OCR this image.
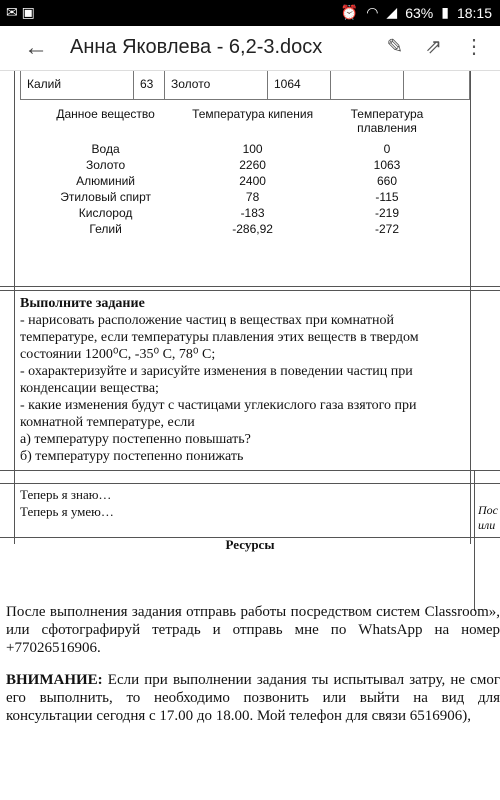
✉ ▣	⏰ ◠ ◢ 63% ▮ 18:15
← Анна Яковлева - 6,2-3.docx	✎ ⇗ ⋮
Калий	63	Золото	1064
Данное вещество	Температура кипения	Температура плавления
Вода	100	0
Золото	2260	1063
Алюминий	2400	660
Этиловый спирт	78	-115
Кислород	-183	-219
Гелий	-286,92	-272
Выполните задание
- нарисовать расположение частиц в веществах при комнатной
температуре, если температуры плавления этих веществ в твердом
состоянии 1200⁰С, -35⁰ С, 78⁰ С;
- охарактеризуйте и зарисуйте изменения в поведении частиц при
конденсации вещества;
- какие изменения будут с частицами углекислого газа взятого при
комнатной температуре, если
а) температуру постепенно повышать?
б) температуру постепенно понижать
Теперь я знаю…
Теперь я умею…	Пос
или
Ресурсы
После выполнения задания отправь работы посредством систем Classroom», или сфотографируй тетрадь и отправь мне по WhatsApp на номер +77026516906.
ВНИМАНИЕ: Если при выполнении задания ты испытывал затру, не смог его выполнить, то необходимо позвонить или выйти на вид для консультации сегодня с 17.00 до 18.00. Мой телефон для связи 6516906),
